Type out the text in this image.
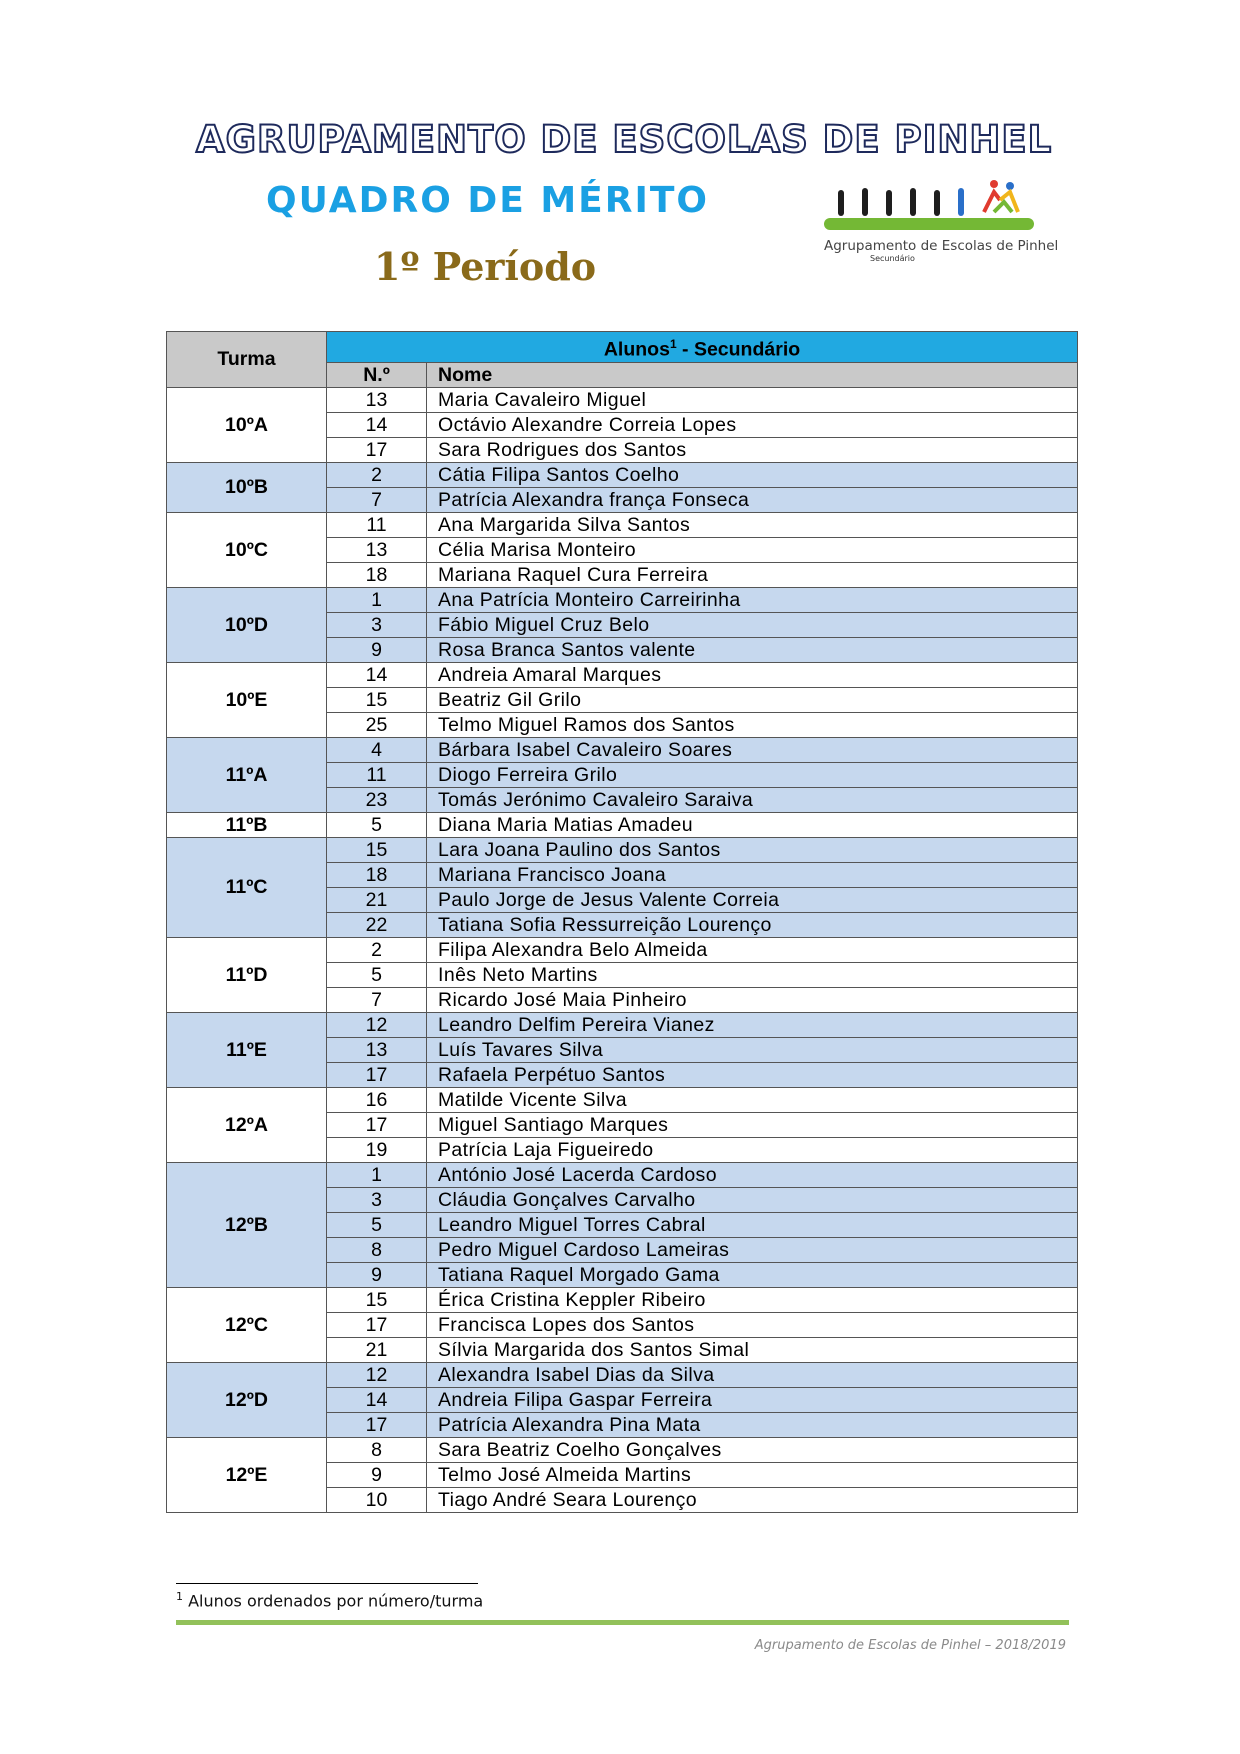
AGRUPAMENTO DE ESCOLAS DE PINHEL
QUADRO DE MÉRITO
1º Período	Agrupamento de Escolas de Pinhel
Secundário
Turma	Alunos$^1$ - Secundário	
	N.º	Nome
10ºA	13	Maria Cavaleiro Miguel
	14	Octávio Alexandre Correia Lopes
	17	Sara Rodrigues dos Santos
10ºB	2	Cátia Filipa Santos Coelho
	7	Patrícia Alexandra frança Fonseca
10ºC	11	Ana Margarida Silva Santos
	13	Célia Marisa Monteiro
	18	Mariana Raquel Cura Ferreira
10ºD	1	Ana Patrícia Monteiro Carreirinha
	3	Fábio Miguel Cruz Belo
	9	Rosa Branca Santos valente
10ºE	14	Andreia Amaral Marques
	15	Beatriz Gil Grilo
	25	Telmo Miguel Ramos dos Santos
11ºA	4	Bárbara Isabel Cavaleiro Soares
	11	Diogo Ferreira Grilo
	23	Tomás Jerónimo Cavaleiro Saraiva
11ºB	5	Diana Maria Matias Amadeu
11ºC	15	Lara Joana Paulino dos Santos
	18	Mariana Francisco Joana
	21	Paulo Jorge de Jesus Valente Correia
	22	Tatiana Sofia Ressurreição Lourenço
11ºD	2	Filipa Alexandra Belo Almeida
	5	Inês Neto Martins
	7	Ricardo José Maia Pinheiro
11ºE	12	Leandro Delfim Pereira Vianez
	13	Luís Tavares Silva
	17	Rafaela Perpétuo Santos
12ºA	16	Matilde Vicente Silva
	17	Miguel Santiago Marques
	19	Patrícia Laja Figueiredo
12ºB	1	António José Lacerda Cardoso
	3	Cláudia Gonçalves Carvalho
	5	Leandro Miguel Torres Cabral
	8	Pedro Miguel Cardoso Lameiras
	9	Tatiana Raquel Morgado Gama
12ºC	15	Érica Cristina Keppler Ribeiro
	17	Francisca Lopes dos Santos
	21	Sílvia Margarida dos Santos Simal
12ºD	12	Alexandra Isabel Dias da Silva
	14	Andreia Filipa Gaspar Ferreira
	17	Patrícia Alexandra Pina Mata
12ºE	8	Sara Beatriz Coelho Gonçalves
	9	Telmo José Almeida Martins
	10	Tiago André Seara Lourenço
$^1$ Alunos ordenados por número/turma
Agrupamento de Escolas de Pinhel – 2018/2019
